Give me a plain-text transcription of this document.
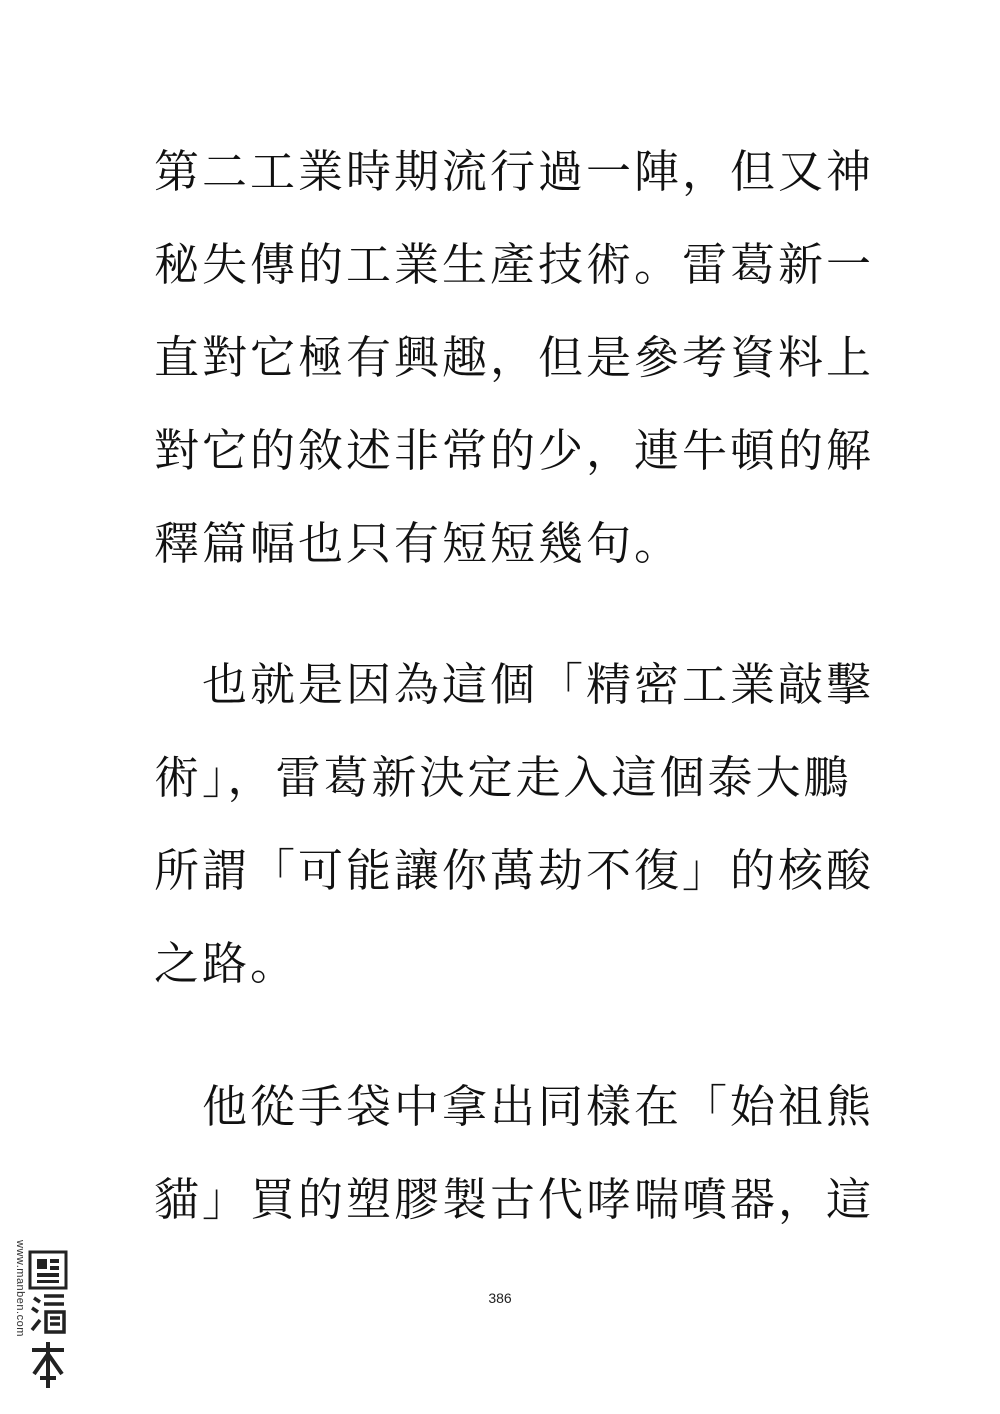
第二工業時期流行過一陣，但又神
秘失傳的工業生產技術。雷葛新一
直對它極有興趣，但是參考資料上
對它的敘述非常的少，連牛頓的解
釋篇幅也只有短短幾句。
　也就是因為這個「精密工業敲擊
術」，雷葛新決定走入這個泰大鵬
所謂「可能讓你萬劫不復」的核酸
之路。
　他從手袋中拿出同樣在「始祖熊
貓」買的塑膠製古代哮喘噴器，這
386
www.manben.com
